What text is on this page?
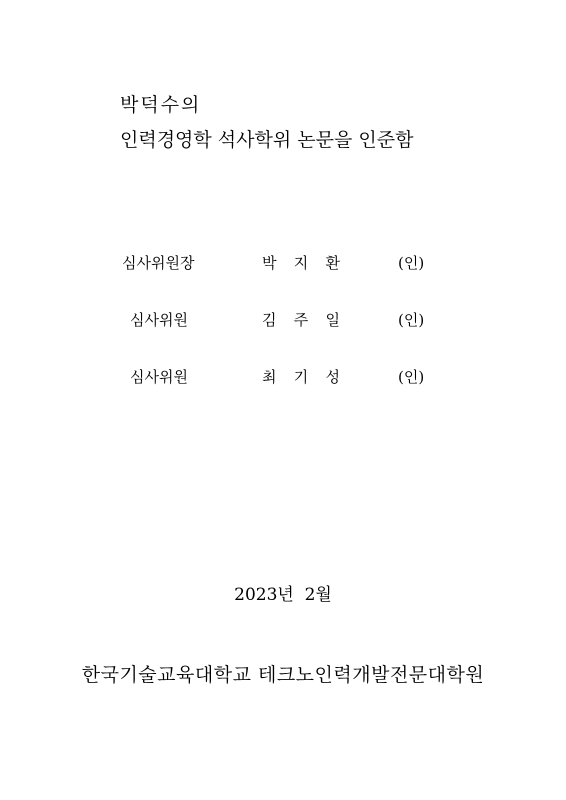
박덕수의
인력경영학 석사학위 논문을 인준함
심사위원장	박 지 환	(인)
심사위원	김 주 일	(인)
심사위원	최 기 성	(인)
2023년  2월
한국기술교육대학교 테크노인력개발전문대학원
